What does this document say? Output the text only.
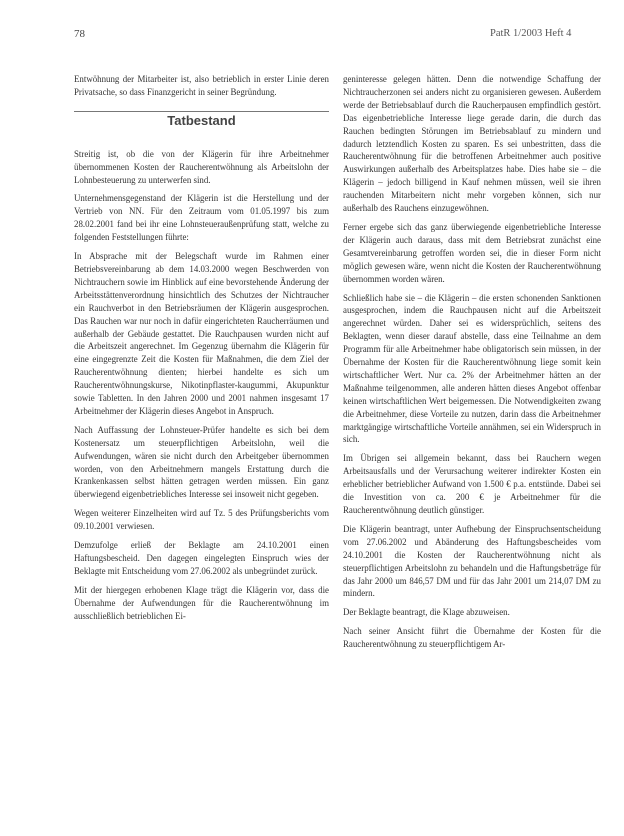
78	PatR 1/2003 Heft 4

Entwöhnung der Mitarbeiter ist, also betrieblich in erster Linie deren Privatsache, so dass Finanzgericht in seiner Begründung.

Tatbestand

Streitig ist, ob die von der Klägerin für ihre Arbeitnehmer übernommenen Kosten der Raucherentwöhnung als Arbeitslohn der Lohnbesteuerung zu unterwerfen sind.

Unternehmensgegenstand der Klägerin ist die Herstellung und der Vertrieb von NN. Für den Zeitraum vom 01.05.1997 bis zum 28.02.2001 fand bei ihr eine Lohnsteueraußenprüfung statt, welche zu folgenden Feststellungen führte:

In Absprache mit der Belegschaft wurde im Rahmen einer Betriebsvereinbarung ab dem 14.03.2000 wegen Beschwerden von Nichtrauchern sowie im Hinblick auf eine bevorstehende Änderung der Arbeitsstättenverordnung hinsichtlich des Schutzes der Nichtraucher ein Rauchverbot in den Betriebsräumen der Klägerin ausgesprochen. Das Rauchen war nur noch in dafür eingerichteten Raucherräumen und außerhalb der Gebäude gestattet. Die Rauchpausen wurden nicht auf die Arbeitszeit angerechnet. Im Gegenzug übernahm die Klägerin für eine eingegrenzte Zeit die Kosten für Maßnahmen, die dem Ziel der Raucherentwöhnung dienten; hierbei handelte es sich um Raucherentwöhnungskurse, Nikotinpflaster-kaugummi, Akupunktur sowie Tabletten. In den Jahren 2000 und 2001 nahmen insgesamt 17 Arbeitnehmer der Klägerin dieses Angebot in Anspruch.

Nach Auffassung der Lohnsteuer-Prüfer handelte es sich bei dem Kostenersatz um steuerpflichtigen Arbeitslohn, weil die Aufwendungen, wären sie nicht durch den Arbeitgeber übernommen worden, von den Arbeitnehmern mangels Erstattung durch die Krankenkassen selbst hätten getragen werden müssen. Ein ganz überwiegend eigenbetriebliches Interesse sei insoweit nicht gegeben.

Wegen weiterer Einzelheiten wird auf Tz. 5 des Prüfungsberichts vom 09.10.2001 verwiesen.

Demzufolge erließ der Beklagte am 24.10.2001 einen Haftungsbescheid. Den dagegen eingelegten Einspruch wies der Beklagte mit Entscheidung vom 27.06.2002 als unbegründet zurück.

Mit der hiergegen erhobenen Klage trägt die Klägerin vor, dass die Übernahme der Aufwendungen für die Raucherentwöhnung im ausschließlich betrieblichen Ei-

geninteresse gelegen hätten. Denn die notwendige Schaffung der Nichtraucherzonen sei anders nicht zu organisieren gewesen. Außerdem werde der Betriebsablauf durch die Raucherpausen empfindlich gestört. Das eigenbetriebliche Interesse liege gerade darin, die durch das Rauchen bedingten Störungen im Betriebsablauf zu mindern und dadurch letztendlich Kosten zu sparen. Es sei unbestritten, dass die Raucherentwöhnung für die betroffenen Arbeitnehmer auch positive Auswirkungen außerhalb des Arbeitsplatzes habe. Dies habe sie – die Klägerin – jedoch billigend in Kauf nehmen müssen, weil sie ihren rauchenden Mitarbeitern nicht mehr vorgeben können, sich nur außerhalb des Rauchens einzugewöhnen.

Ferner ergebe sich das ganz überwiegende eigenbetriebliche Interesse der Klägerin auch daraus, dass mit dem Betriebsrat zunächst eine Gesamtvereinbarung getroffen worden sei, die in dieser Form nicht möglich gewesen wäre, wenn nicht die Kosten der Raucherentwöhnung übernommen worden wären.

Schließlich habe sie – die Klägerin – die ersten schonenden Sanktionen ausgesprochen, indem die Rauchpausen nicht auf die Arbeitszeit angerechnet würden. Daher sei es widersprüchlich, seitens des Beklagten, wenn dieser darauf abstelle, dass eine Teilnahme an dem Programm für alle Arbeitnehmer habe obligatorisch sein müssen, in der Übernahme der Kosten für die Raucherentwöhnung liege somit kein wirtschaftlicher Wert. Nur ca. 2% der Arbeitnehmer hätten an der Maßnahme teilgenommen, alle anderen hätten dieses Angebot offenbar keinen wirtschaftlichen Wert beigemessen. Die Notwendigkeiten zwang die Arbeitnehmer, diese Vorteile zu nutzen, darin dass die Arbeitnehmer marktgängige wirtschaftliche Vorteile annähmen, sei ein Widerspruch in sich.

Im Übrigen sei allgemein bekannt, dass bei Rauchern wegen Arbeitsausfalls und der Verursachung weiterer indirekter Kosten ein erheblicher betrieblicher Aufwand von 1.500 € p.a. entstünde. Dabei sei die Investition von ca. 200 € je Arbeitnehmer für die Raucherentwöhnung deutlich günstiger.

Die Klägerin beantragt, unter Aufhebung der Einspruchsentscheidung vom 27.06.2002 und Abänderung des Haftungsbescheides vom 24.10.2001 die Kosten der Raucherentwöhnung nicht als steuerpflichtigen Arbeitslohn zu behandeln und die Haftungsbeträge für das Jahr 2000 um 846,57 DM und für das Jahr 2001 um 214,07 DM zu mindern.

Der Beklagte beantragt, die Klage abzuweisen.

Nach seiner Ansicht führt die Übernahme der Kosten für die Raucherentwöhnung zu steuerpflichtigem Ar-
